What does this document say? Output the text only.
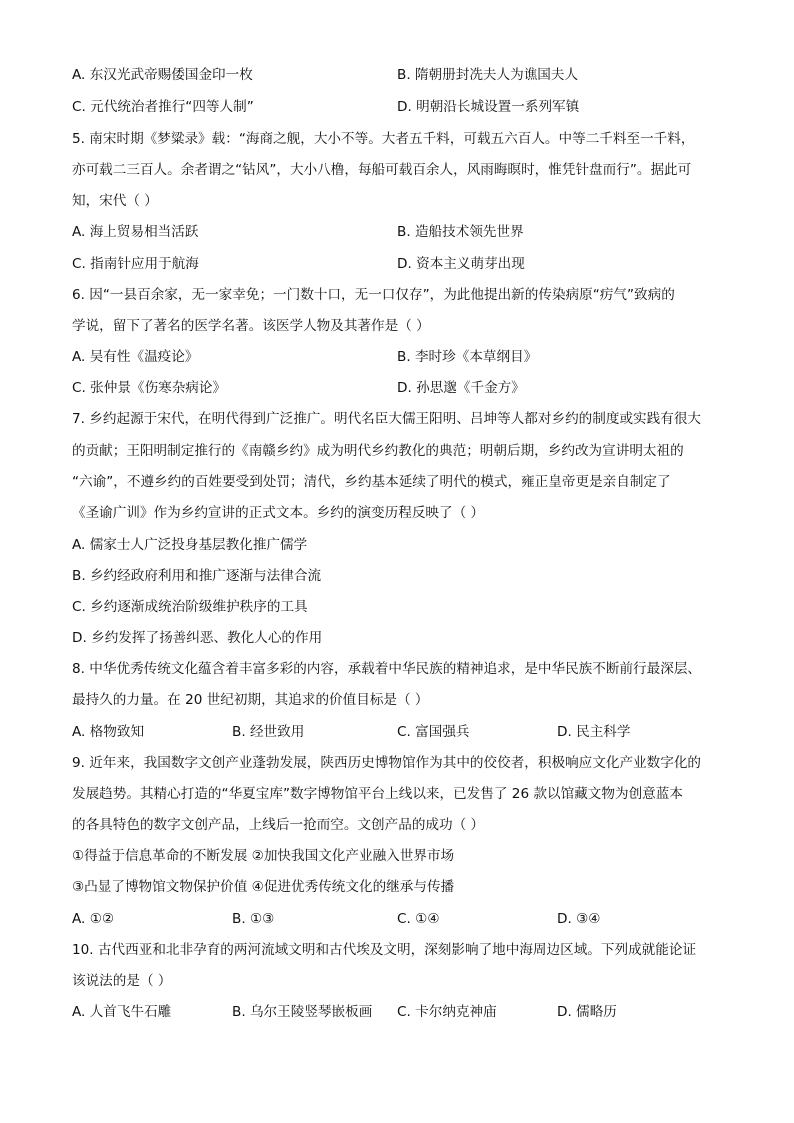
A. 东汉光武帝赐倭国金印一枚	B. 隋朝册封冼夫人为谯国夫人
C. 元代统治者推行“四等人制”	D. 明朝沿长城设置一系列军镇
5. 南宋时期《梦粱录》载：“海商之舰，大小不等。大者五千料，可载五六百人。中等二千料至一千料，
亦可载二三百人。余者谓之“钻风”，大小八橹，每船可载百余人，风雨晦暝时，惟凭针盘而行”。据此可
知，宋代（ ）
A. 海上贸易相当活跃	B. 造船技术领先世界
C. 指南针应用于航海	D. 资本主义萌芽出现
6. 因“一县百余家，无一家幸免；一门数十口，无一口仅存”，为此他提出新的传染病原“疠气”致病的
学说，留下了著名的医学名著。该医学人物及其著作是（ ）
A. 吴有性《温疫论》	B. 李时珍《本草纲目》
C. 张仲景《伤寒杂病论》	D. 孙思邈《千金方》
7. 乡约起源于宋代，在明代得到广泛推广。明代名臣大儒王阳明、吕坤等人都对乡约的制度或实践有很大
的贡献；王阳明制定推行的《南赣乡约》成为明代乡约教化的典范；明朝后期，乡约改为宣讲明太祖的
“六谕”，不遵乡约的百姓要受到处罚；清代，乡约基本延续了明代的模式，雍正皇帝更是亲自制定了
《圣谕广训》作为乡约宣讲的正式文本。乡约的演变历程反映了（ ）
A. 儒家士人广泛投身基层教化推广儒学
B. 乡约经政府利用和推广逐渐与法律合流
C. 乡约逐渐成统治阶级维护秩序的工具
D. 乡约发挥了扬善纠恶、教化人心的作用
8. 中华优秀传统文化蕴含着丰富多彩的内容，承载着中华民族的精神追求，是中华民族不断前行最深层、
最持久的力量。在 20 世纪初期，其追求的价值目标是（ ）
A. 格物致知	B. 经世致用	C. 富国强兵	D. 民主科学
9. 近年来，我国数字文创产业蓬勃发展，陕西历史博物馆作为其中的佼佼者，积极响应文化产业数字化的
发展趋势。其精心打造的“华夏宝库”数字博物馆平台上线以来，已发售了 26 款以馆藏文物为创意蓝本
的各具特色的数字文创产品，上线后一抢而空。文创产品的成功（ ）
①得益于信息革命的不断发展 ②加快我国文化产业融入世界市场
③凸显了博物馆文物保护价值 ④促进优秀传统文化的继承与传播
A. ①②	B. ①③	C. ①④	D. ③④
10. 古代西亚和北非孕育的两河流域文明和古代埃及文明，深刻影响了地中海周边区域。下列成就能论证
该说法的是（ ）
A. 人首飞牛石雕	B. 乌尔王陵竖琴嵌板画 C. 卡尔纳克神庙	D. 儒略历
